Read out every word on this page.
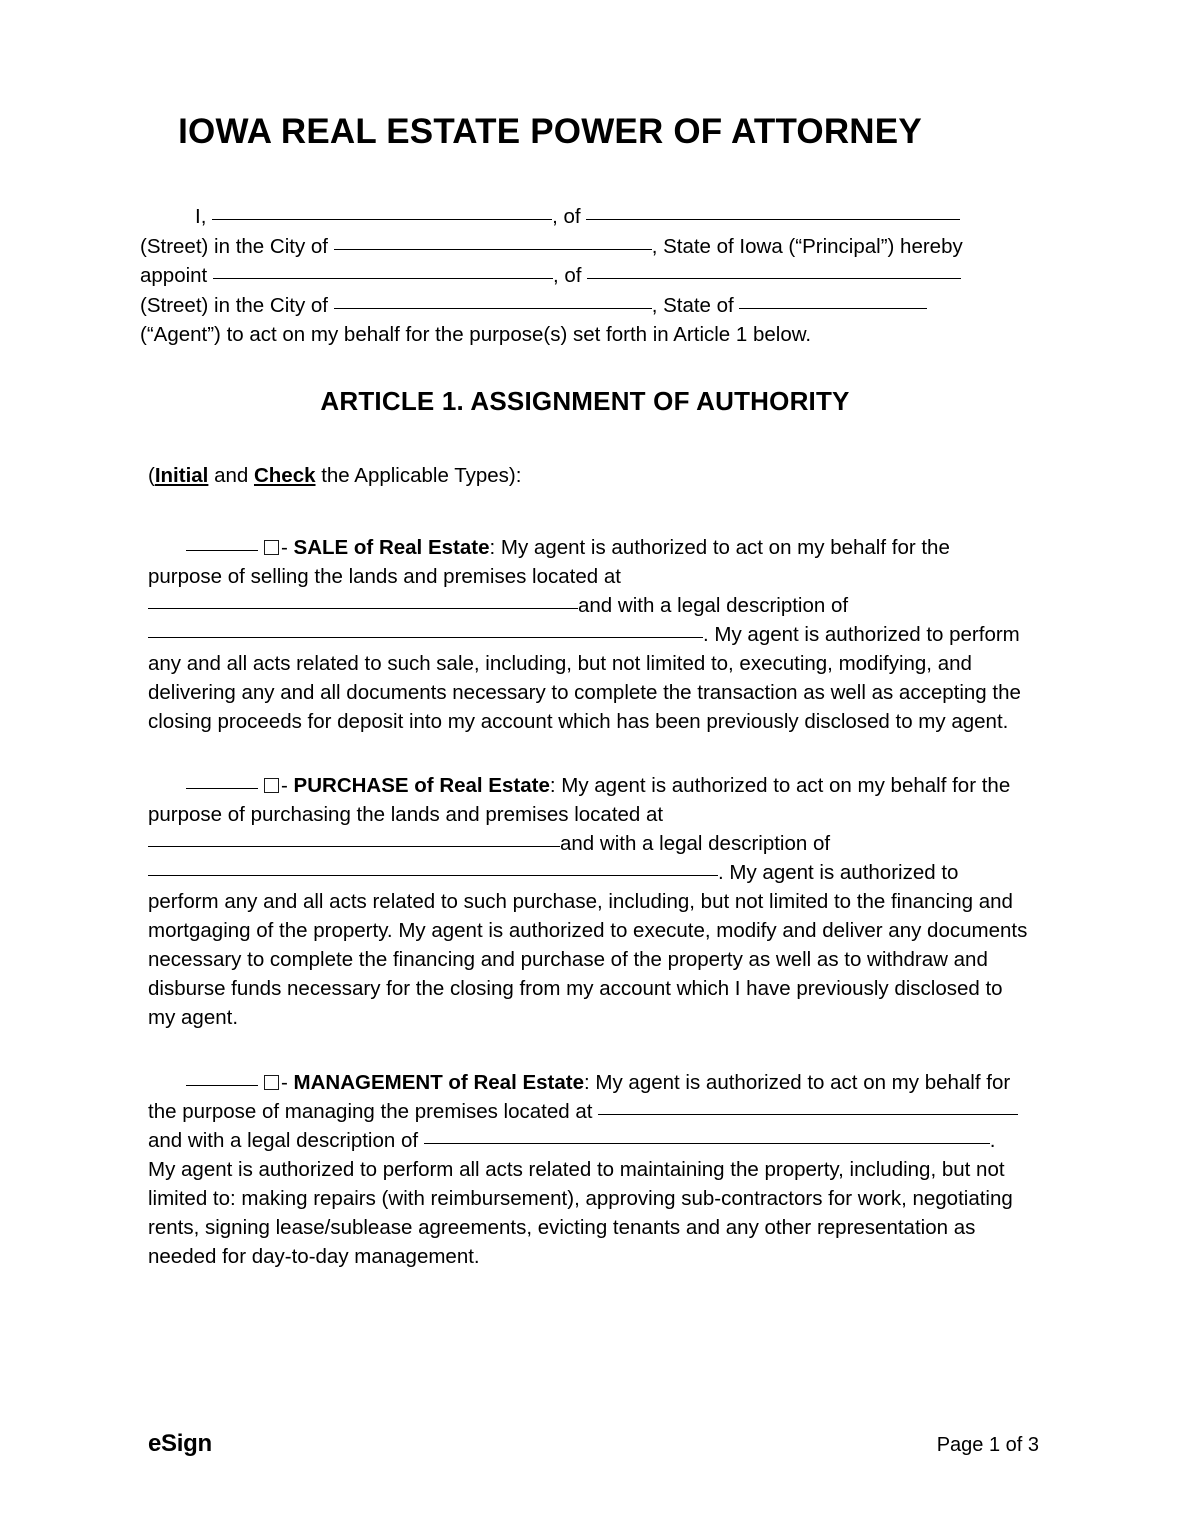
IOWA REAL ESTATE POWER OF ATTORNEY
I,	, of
(Street) in the City of	, State of Iowa (“Principal”) hereby
appoint	, of
(Street) in the City of	, State of
(“Agent”) to act on my behalf for the purpose(s) set forth in Article 1 below.
ARTICLE 1. ASSIGNMENT OF AUTHORITY
(Initial and Check the Applicable Types):
- SALE of Real Estate: My agent is authorized to act on my behalf for the purpose of selling the lands and premises located at and with a legal description of . My agent is authorized to perform any and all acts related to such sale, including, but not limited to, executing, modifying, and delivering any and all documents necessary to complete the transaction as well as accepting the closing proceeds for deposit into my account which has been previously disclosed to my agent.
- PURCHASE of Real Estate: My agent is authorized to act on my behalf for the purpose of purchasing the lands and premises located at
and with a legal description of
. My agent is authorized to perform any and all acts related to such purchase, including, but not limited to the financing and mortgaging of the property. My agent is authorized to execute, modify and deliver any documents necessary to complete the financing and purchase of the property as well as to withdraw and disburse funds necessary for the closing from my account which I have previously disclosed to my agent.
- MANAGEMENT of Real Estate: My agent is authorized to act on my behalf for the purpose of managing the premises located at and with a legal description of	.
My agent is authorized to perform all acts related to maintaining the property, including, but not limited to: making repairs (with reimbursement), approving sub-contractors for work, negotiating rents, signing lease/sublease agreements, evicting tenants and any other representation as needed for day-to-day management.
eSign	Page 1 of 3
